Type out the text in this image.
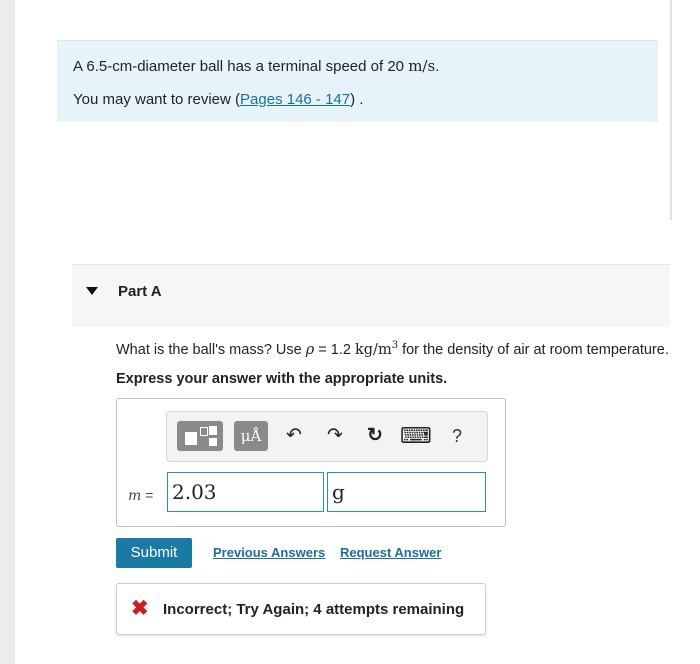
A 6.5-cm-diameter ball has a terminal speed of 20 m/s.
You may want to review (Pages 146 - 147) .
Part A
What is the ball's mass? Use ρ = 1.2 $kg/m^3$ for the density of air at room temperature.
Express your answer with the appropriate units.
μÅ	↶	↷	↻ ⌨	?
m = 2.03	g
Submit	Previous Answers Request Answer
✖ Incorrect; Try Again; 4 attempts remaining
